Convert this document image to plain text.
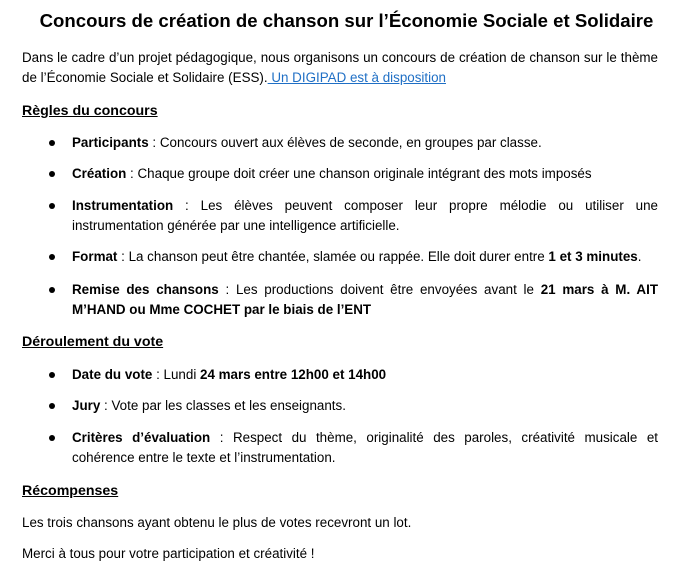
Concours de création de chanson sur l’Économie Sociale et Solidaire

Dans le cadre d’un projet pédagogique, nous organisons un concours de création de chanson sur le thème de l’Économie Sociale et Solidaire (ESS). Un DIGIPAD est à disposition

Règles du concours
Participants : Concours ouvert aux élèves de seconde, en groupes par classe.
Création : Chaque groupe doit créer une chanson originale intégrant des mots imposés
Instrumentation : Les élèves peuvent composer leur propre mélodie ou utiliser une instrumentation générée par une intelligence artificielle.
Format : La chanson peut être chantée, slamée ou rappée. Elle doit durer entre 1 et 3 minutes.
Remise des chansons : Les productions doivent être envoyées avant le 21 mars à M. AIT M’HAND ou Mme COCHET par le biais de l’ENT
Déroulement du vote
Date du vote : Lundi 24 mars entre 12h00 et 14h00
Jury : Vote par les classes et les enseignants.
Critères d’évaluation : Respect du thème, originalité des paroles, créativité musicale et cohérence entre le texte et l’instrumentation.
Récompenses

Les trois chansons ayant obtenu le plus de votes recevront un lot.

Merci à tous pour votre participation et créativité !
